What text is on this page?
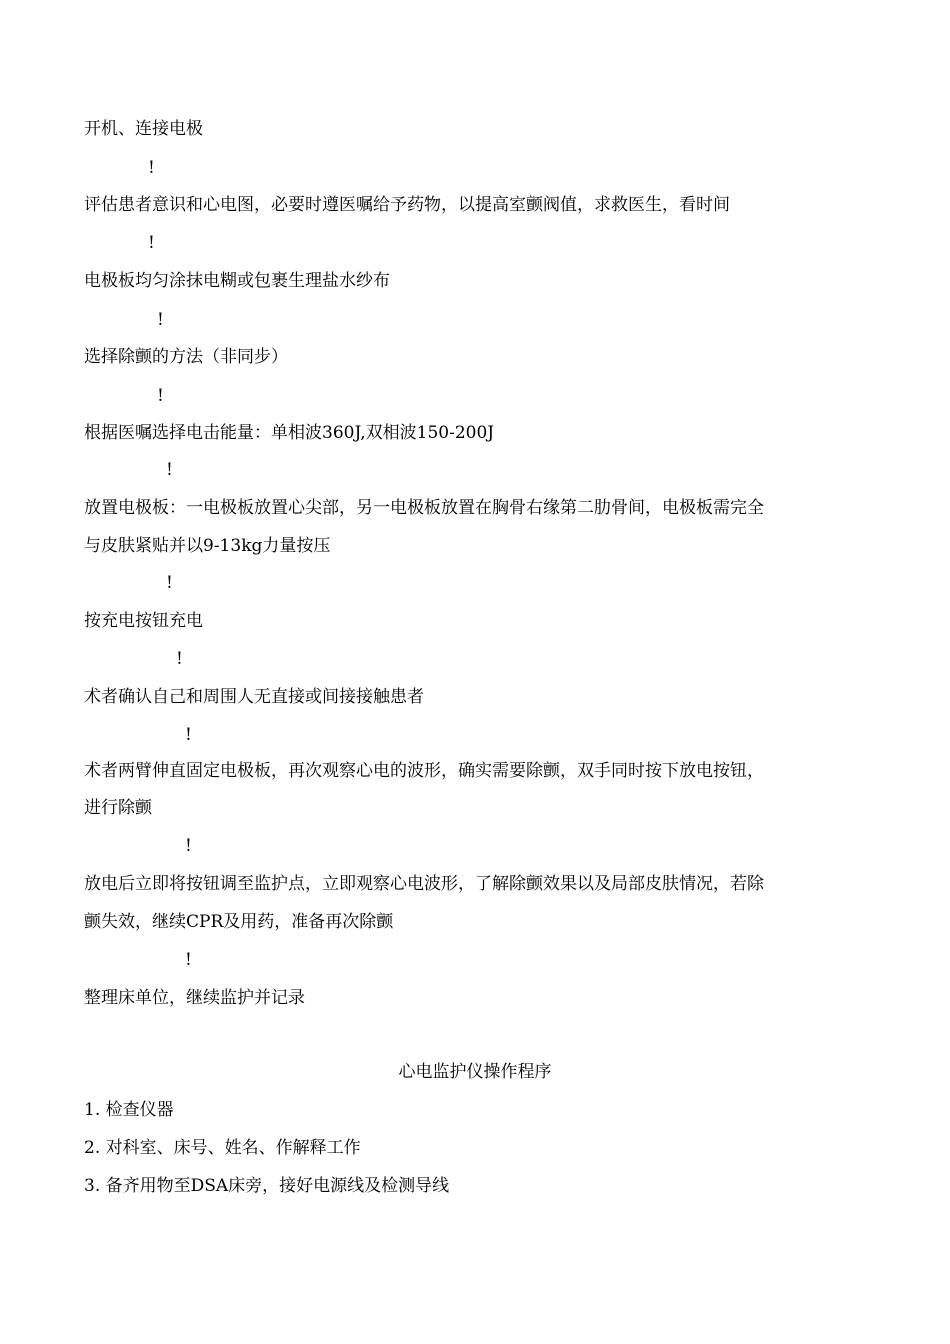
开机、连接电极
!
评估患者意识和心电图，必要时遵医嘱给予药物，以提高室颤阀值，求救医生，看时间
!
电极板均匀涂抹电糊或包裹生理盐水纱布
!
选择除颤的方法（非同步）
!
根据医嘱选择电击能量：单相波360J,双相波150-200J
!
放置电极板：一电极板放置心尖部，另一电极板放置在胸骨右缘第二肋骨间，电极板需完全
与皮肤紧贴并以9-13kg力量按压
!
按充电按钮充电
!
术者确认自己和周围人无直接或间接接触患者
!
术者两臂伸直固定电极板，再次观察心电的波形，确实需要除颤，双手同时按下放电按钮，
进行除颤
!
放电后立即将按钮调至监护点，立即观察心电波形，了解除颤效果以及局部皮肤情况，若除
颤失效，继续CPR及用药，准备再次除颤
!
整理床单位，继续监护并记录
心电监护仪操作程序
1. 检查仪器
2. 对科室、床号、姓名、作解释工作
3. 备齐用物至DSA床旁，接好电源线及检测导线
